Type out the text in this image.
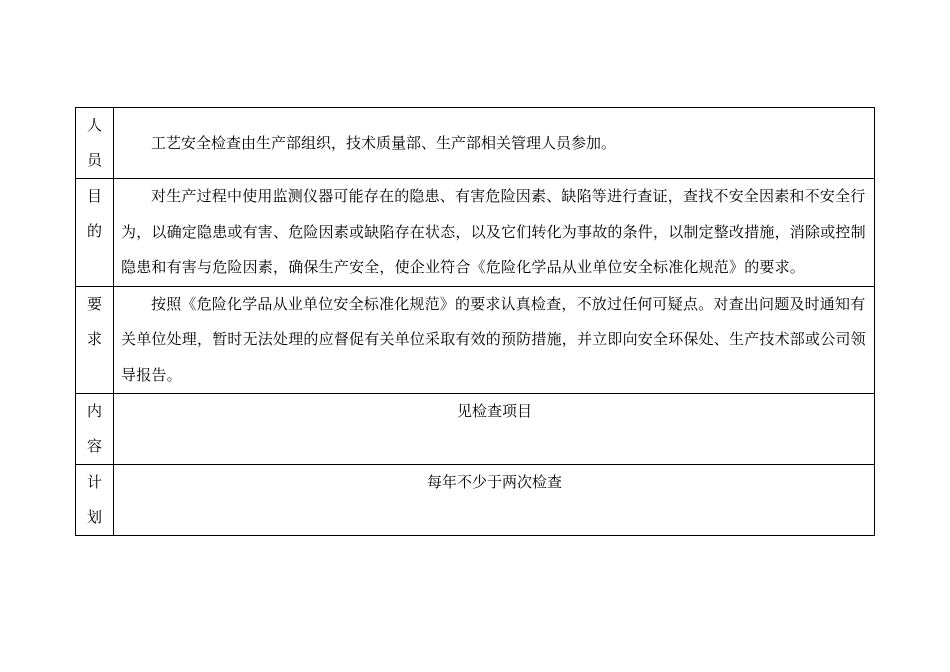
人
员	工艺安全检查由生产部组织，技术质量部、生产部相关管理人员参加。

目
的	对生产过程中使用监测仪器可能存在的隐患、有害危险因素、缺陷等进行查证，查找不安全因素和不安全行为，以确定隐患或有害、危险因素或缺陷存在状态，以及它们转化为事故的条件，以制定整改措施，消除或控制隐患和有害与危险因素，确保生产安全，使企业符合《危险化学品从业单位安全标准化规范》的要求。

要
求	按照《危险化学品从业单位安全标准化规范》的要求认真检查，不放过任何可疑点。对查出问题及时通知有关单位处理，暂时无法处理的应督促有关单位采取有效的预防措施，并立即向安全环保处、生产技术部或公司领导报告。

内
容	见检查项目

计
划	每年不少于两次检查
